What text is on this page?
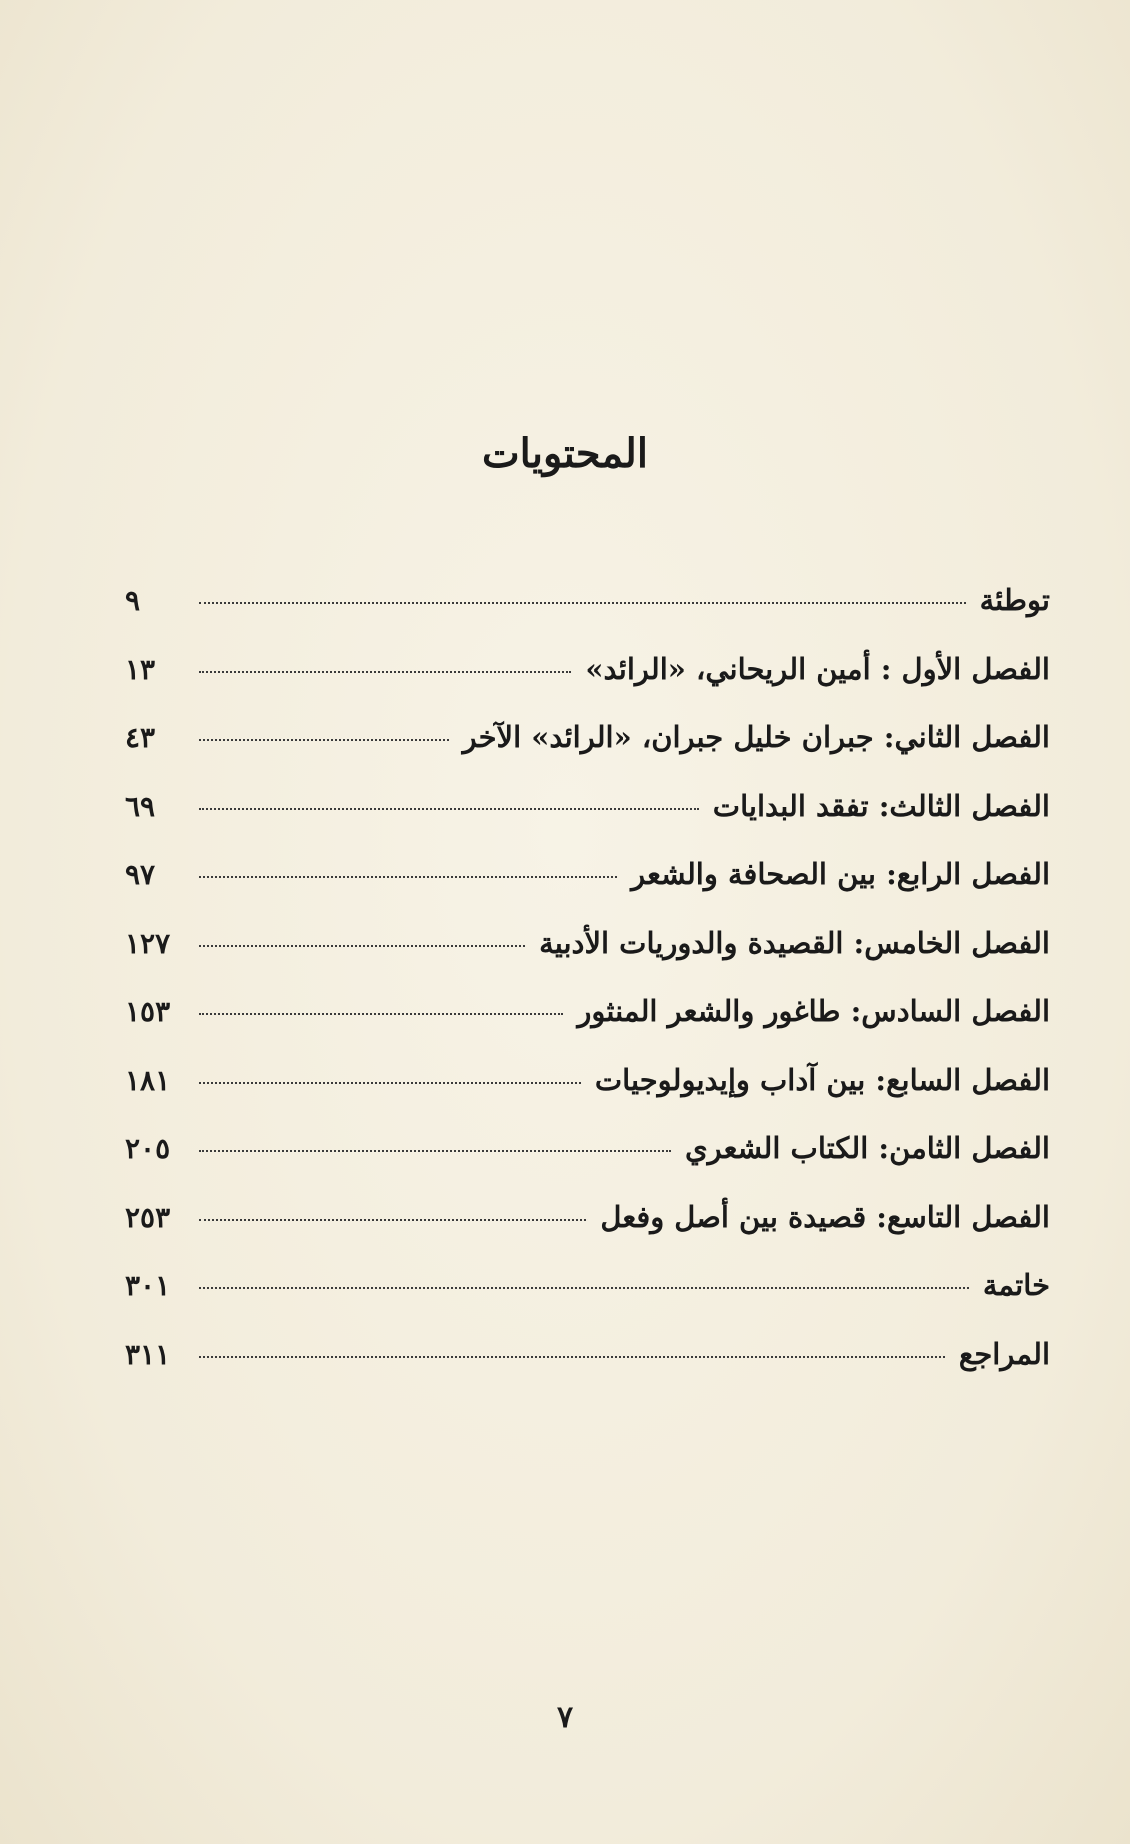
المحتويات
توطئة
٩
الفصل الأول : أمين الريحاني، «الرائد»
١٣
الفصل الثاني: جبران خليل جبران، «الرائد» الآخر
٤٣
الفصل الثالث: تفقد البدايات
٦٩
الفصل الرابع: بين الصحافة والشعر
٩٧
الفصل الخامس: القصيدة والدوريات الأدبية
١٢٧
الفصل السادس: طاغور والشعر المنثور
١٥٣
الفصل السابع: بين آداب وإيديولوجيات
١٨١
الفصل الثامن: الكتاب الشعري
٢٠٥
الفصل التاسع: قصيدة بين أصل وفعل
٢٥٣
خاتمة
٣٠١
المراجع
٣١١
٧
